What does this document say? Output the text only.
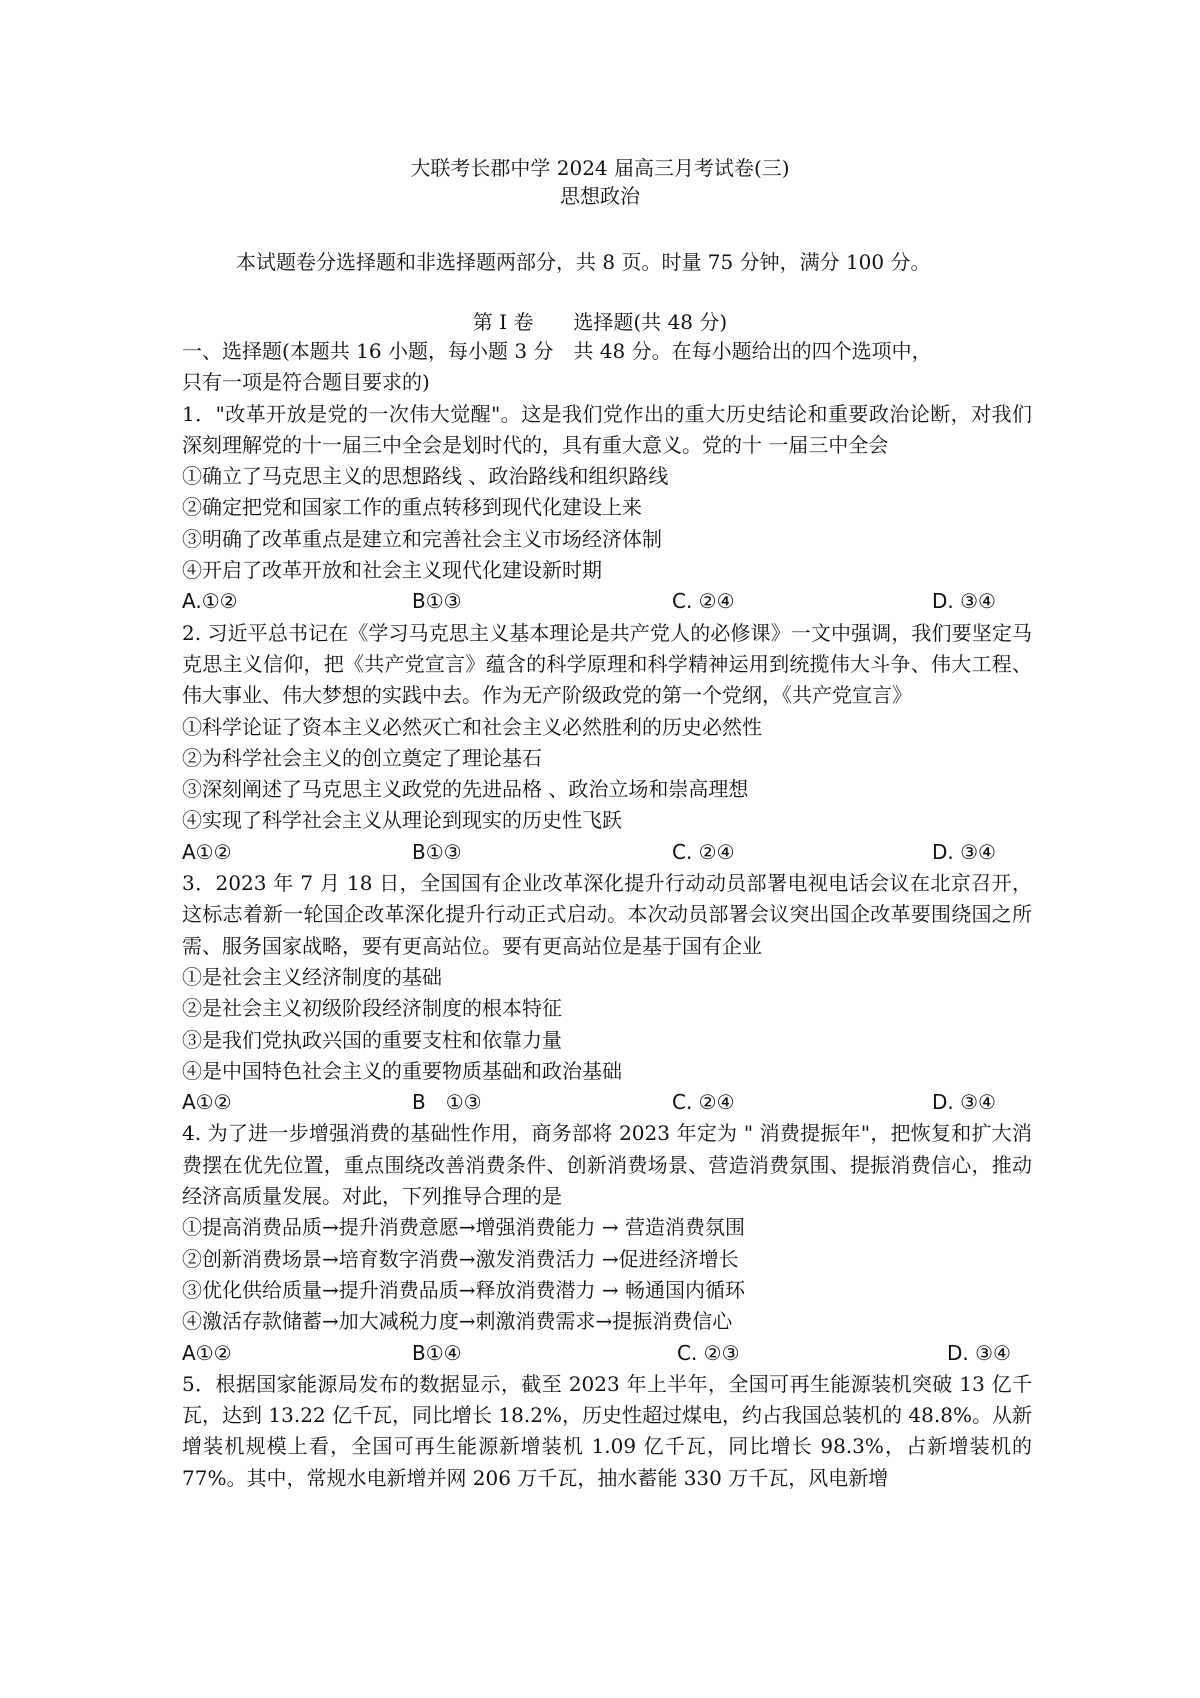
大联考长郡中学 2024 届高三月考试卷(三)
思想政治
本试题卷分选择题和非选择题两部分，共 8 页。时量 75 分钟，满分 100 分。
第 I 卷　　选择题(共 48 分)
一、选择题(本题共 16 小题，每小题 3 分　共 48 分。在每小题给出的四个选项中，
只有一项是符合题目要求的)
1．"改革开放是党的一次伟大觉醒"。这是我们党作出的重大历史结论和重要政治论断，对我们深刻理解党的十一届三中全会是划时代的，具有重大意义。党的十 一届三中全会
①确立了马克思主义的思想路线 、政治路线和组织路线
②确定把党和国家工作的重点转移到现代化建设上来
③明确了改革重点是建立和完善社会主义市场经济体制
④开启了改革开放和社会主义现代化建设新时期
A.①②	B①③	C. ②④	D. ③④
2. 习近平总书记在《学习马克思主义基本理论是共产党人的必修课》一文中强调，我们要坚定马克思主义信仰，把《共产党宣言》蕴含的科学原理和科学精神运用到统揽伟大斗争、伟大工程、伟大事业、伟大梦想的实践中去。作为无产阶级政党的第一个党纲，《共产党宣言》
①科学论证了资本主义必然灭亡和社会主义必然胜利的历史必然性
②为科学社会主义的创立奠定了理论基石
③深刻阐述了马克思主义政党的先进品格 、政治立场和崇高理想
④实现了科学社会主义从理论到现实的历史性飞跃
A①②	B①③	C. ②④	D. ③④
3．2023 年 7 月 18 日，全国国有企业改革深化提升行动动员部署电视电话会议在北京召开，这标志着新一轮国企改革深化提升行动正式启动。本次动员部署会议突出国企改革要围绕国之所需、服务国家战略，要有更高站位。要有更高站位是基于国有企业
①是社会主义经济制度的基础
②是社会主义初级阶段经济制度的根本特征
③是我们党执政兴国的重要支柱和依靠力量
④是中国特色社会主义的重要物质基础和政治基础
A①②	B　①③	C. ②④	D. ③④
4. 为了进一步增强消费的基础性作用，商务部将 2023 年定为 " 消费提振年"，把恢复和扩大消费摆在优先位置，重点围绕改善消费条件、创新消费场景、营造消费氛围、提振消费信心，推动经济高质量发展。对此，下列推导合理的是
①提高消费品质→提升消费意愿→增强消费能力 → 营造消费氛围
②创新消费场景→培育数字消费→激发消费活力 →促进经济增长
③优化供给质量→提升消费品质→释放消费潜力 → 畅通国内循环
④激活存款储蓄→加大减税力度→刺激消费需求→提振消费信心
A①②	B①④	C. ②③	D. ③④
5．根据国家能源局发布的数据显示，截至 2023 年上半年，全国可再生能源装机突破 13 亿千瓦，达到 13.22 亿千瓦，同比增长 18.2%，历史性超过煤电，约占我国总装机的 48.8%。从新增装机规模上看，全国可再生能源新增装机 1.09 亿千瓦，同比增长 98.3%，占新增装机的 77%。其中，常规水电新增并网 206 万千瓦，抽水蓄能 330 万千瓦，风电新增
